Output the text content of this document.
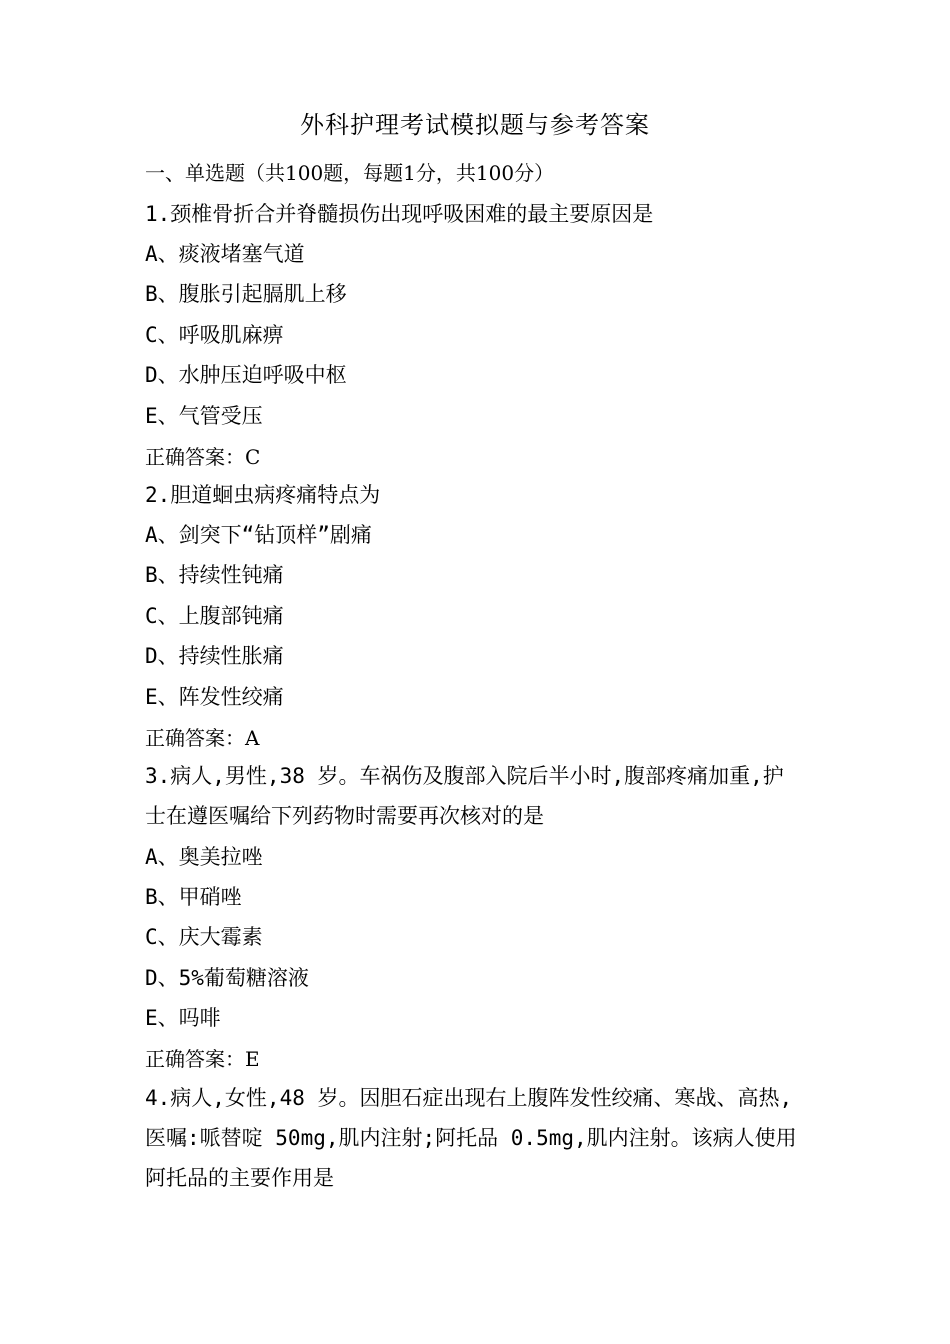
外科护理考试模拟题与参考答案
一、单选题（共100题，每题1分，共100分）
1.颈椎骨折合并脊髓损伤出现呼吸困难的最主要原因是
A、痰液堵塞气道
B、腹胀引起膈肌上移
C、呼吸肌麻痹
D、水肿压迫呼吸中枢
E、气管受压
正确答案：C
2.胆道蛔虫病疼痛特点为
A、剑突下“钻顶样”剧痛
B、持续性钝痛
C、上腹部钝痛
D、持续性胀痛
E、阵发性绞痛
正确答案：A
3.病人,男性,38 岁。车祸伤及腹部入院后半小时,腹部疼痛加重,护
士在遵医嘱给下列药物时需要再次核对的是
A、奥美拉唑
B、甲硝唑
C、庆大霉素
D、5%葡萄糖溶液
E、吗啡
正确答案：E
4.病人,女性,48 岁。因胆石症出现右上腹阵发性绞痛、寒战、高热,
医嘱:哌替啶 50mg,肌内注射;阿托品 0.5mg,肌内注射。该病人使用
阿托品的主要作用是
